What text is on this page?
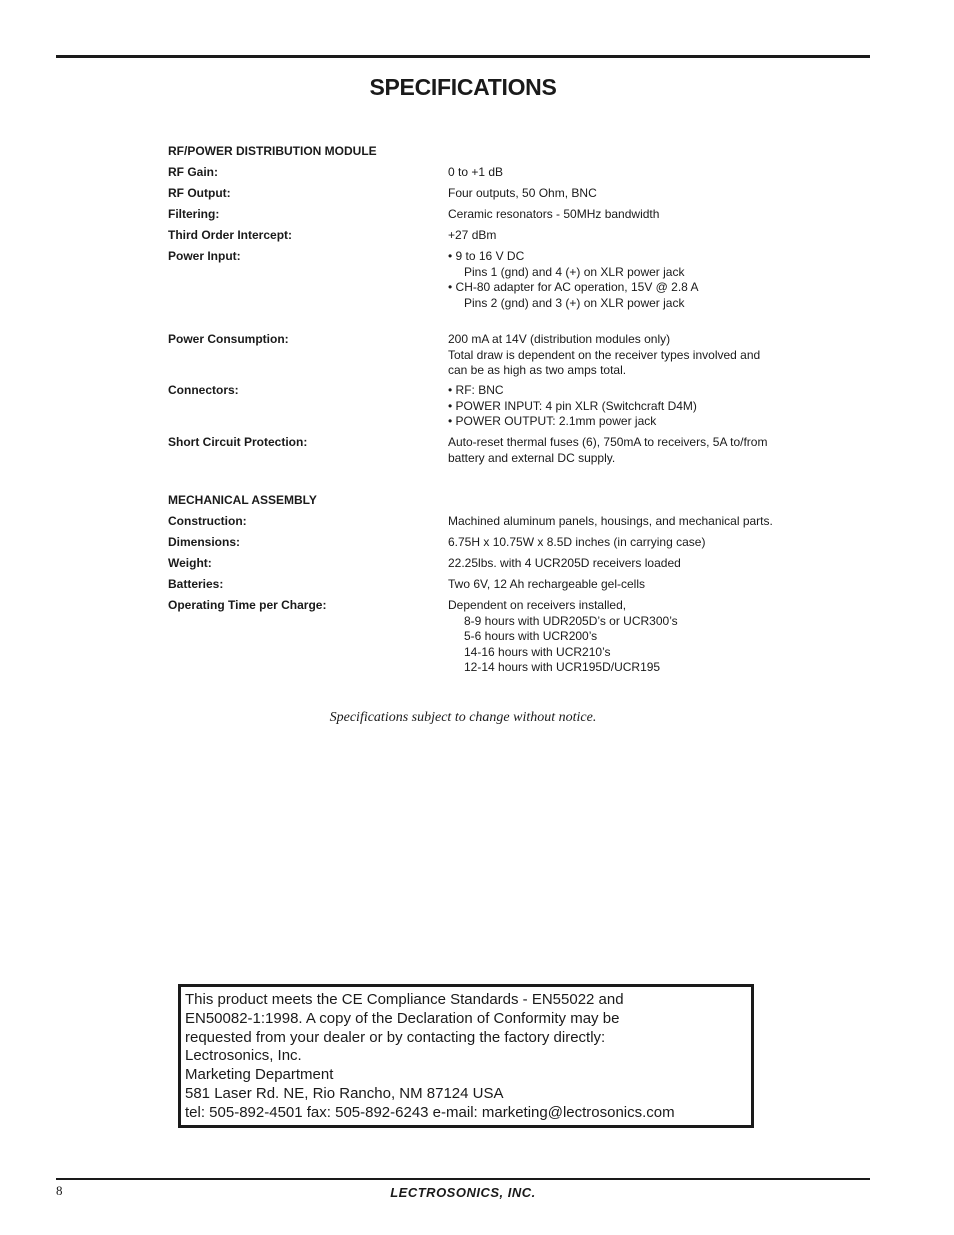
SPECIFICATIONS
RF/POWER DISTRIBUTION MODULE
RF Gain:	0 to +1 dB
RF Output:	Four outputs, 50 Ohm, BNC
Filtering:	Ceramic resonators - 50MHz bandwidth
Third Order Intercept:	+27 dBm
Power Input:	• 9 to 16 V DC
Pins 1 (gnd) and 4 (+) on XLR power jack
• CH-80 adapter for AC operation, 15V @ 2.8 A
Pins 2 (gnd) and 3 (+) on XLR power jack
Power Consumption:	200 mA at 14V (distribution modules only)
Total draw is dependent on the receiver types involved and
can be as high as two amps total.
Connectors:	• RF: BNC
• POWER INPUT: 4 pin XLR (Switchcraft D4M)
• POWER OUTPUT: 2.1mm power jack
Short Circuit Protection:	Auto-reset thermal fuses (6), 750mA to receivers, 5A to/from
battery and external DC supply.
MECHANICAL ASSEMBLY
Construction:	Machined aluminum panels, housings, and mechanical parts.
Dimensions:	6.75H x 10.75W x 8.5D inches (in carrying case)
Weight:	22.25lbs. with 4 UCR205D receivers loaded
Batteries:	Two 6V, 12 Ah rechargeable gel-cells
Operating Time per Charge:	Dependent on receivers installed,
8-9 hours with UDR205D’s or UCR300’s
5-6 hours with UCR200’s
14-16 hours with UCR210’s
12-14 hours with UCR195D/UCR195
Specifications subject to change without notice.
This product meets the CE Compliance Standards - EN55022 and
EN50082-1:1998. A copy of the Declaration of Conformity may be
requested from your dealer or by contacting the factory directly:
Lectrosonics, Inc.
Marketing Department
581 Laser Rd. NE, Rio Rancho, NM 87124 USA
tel: 505-892-4501 fax: 505-892-6243 e-mail: marketing@lectrosonics.com
8	LECTROSONICS, INC.
